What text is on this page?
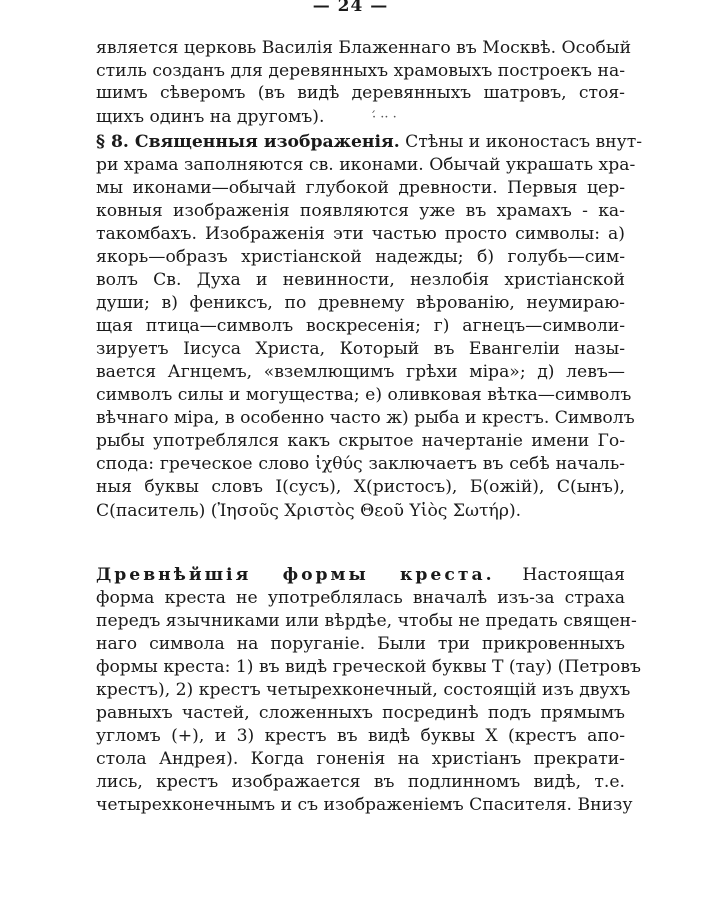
— 24 —
·́ ·· ·
является церковь Василія Блаженнаго въ Москвѣ. Особый
стиль созданъ для деревянныхъ храмовыхъ построекъ на-
шимъ сѣверомъ (въ видѣ деревянныхъ шатровъ, стоя-
щихъ одинъ на другомъ).
§ 8. Священныя изображенія. Стѣны и иконостасъ внут-
ри храма заполняются св. иконами. Обычай украшать хра-
мы иконами—обычай глубокой древности. Первыя цер-
ковныя изображенія появляются уже въ храмахъ - ка-
такомбахъ. Изображенія эти частью просто символы: а)
якорь—образъ христіанской надежды; б) голубь—сим-
волъ Св. Духа и невинности, незлобія христіанской
души; в) фениксъ, по древнему вѣрованію, неумираю-
щая птица—символъ воскресенія; г) агнецъ—символи-
зируетъ Іисуса Христа, Который въ Евангеліи назы-
вается Агнцемъ, «вземлющимъ грѣхи міра»; д) левъ—
символъ силы и могущества; е) оливковая вѣтка—символъ
вѣчнаго міра, в особенно часто ж) рыба и крестъ. Символъ
рыбы употреблялся какъ скрытое начертаніе имени Го-
спода: греческое слово ἰχθύς заключаетъ въ себѣ началь-
ныя буквы словъ І(сусъ), Х(ристосъ), Б(ожій), С(ынъ),
С(паситель) (Ἰησοῦς Χριστὸς Θεοῦ Υἱὸς Σωτήρ).
Древнѣйшія формы креста. Настоящая
форма креста не употреблялась вначалѣ изъ-за страха
передъ язычниками или вѣрдѣе, чтобы не предать священ-
наго символа на поруганіе. Были три прикровенныхъ
формы креста: 1) въ видѣ греческой буквы Т (тау) (Петровъ
крестъ), 2) крестъ четырехконечный, состоящій изъ двухъ
равныхъ частей, сложенныхъ посрединѣ подъ прямымъ
угломъ (+), и 3) крестъ въ видѣ буквы Х (крестъ апо-
стола Андрея). Когда гоненія на христіанъ прекрати-
лись, крестъ изображается въ подлинномъ видѣ, т.е.
четырехконечнымъ и съ изображеніемъ Спасителя. Внизу
